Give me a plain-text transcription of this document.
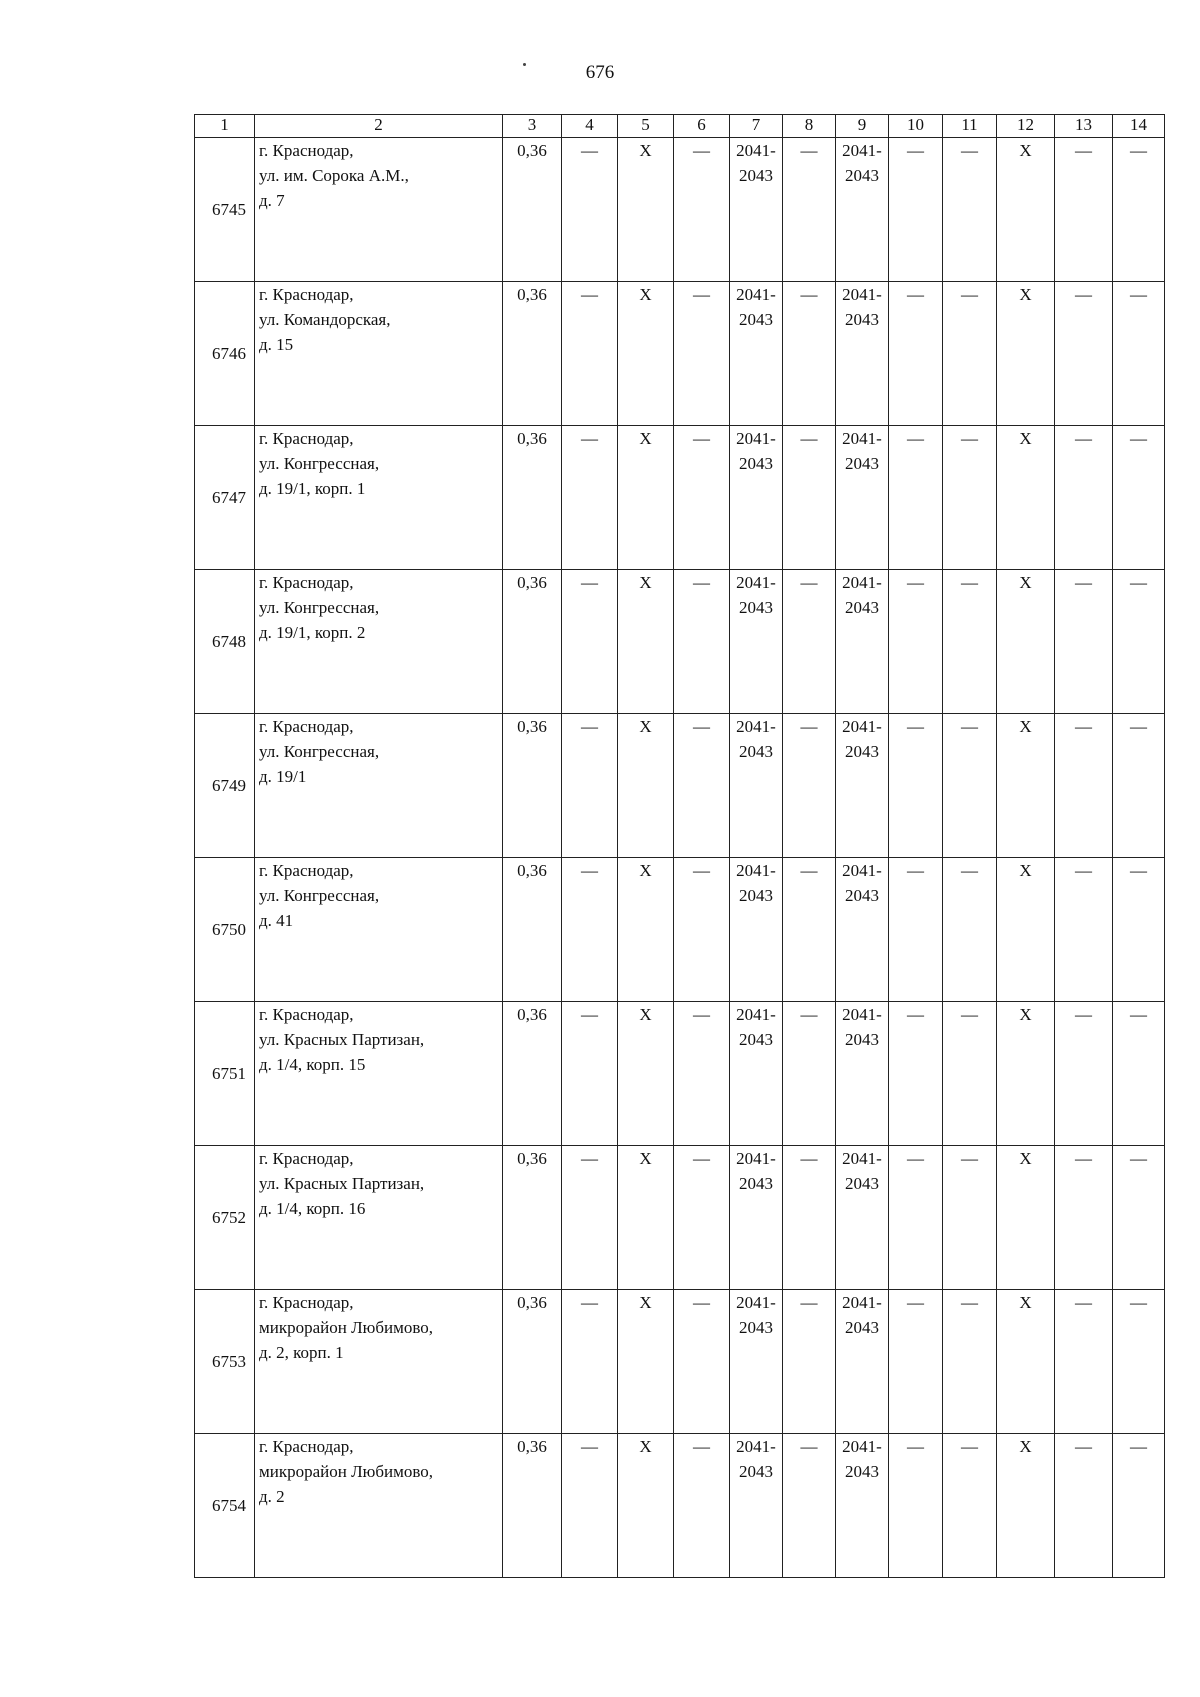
676
1	2	3	4	5	6	7	8	9	10	11	12	13	14
6745	г. Краснодар,
ул. им. Сорока А.М.,
д. 7	0,36	—	Х	—	2041-
2043	—	2041-
2043	—	—	Х	—	—
6746	г. Краснодар,
ул. Командорская,
д. 15	0,36	—	Х	—	2041-
2043	—	2041-
2043	—	—	Х	—	—
6747	г. Краснодар,
ул. Конгрессная,
д. 19/1, корп. 1	0,36	—	Х	—	2041-
2043	—	2041-
2043	—	—	Х	—	—
6748	г. Краснодар,
ул. Конгрессная,
д. 19/1, корп. 2	0,36	—	Х	—	2041-
2043	—	2041-
2043	—	—	Х	—	—
6749	г. Краснодар,
ул. Конгрессная,
д. 19/1	0,36	—	Х	—	2041-
2043	—	2041-
2043	—	—	Х	—	—
6750	г. Краснодар,
ул. Конгрессная,
д. 41	0,36	—	Х	—	2041-
2043	—	2041-
2043	—	—	Х	—	—
6751	г. Краснодар,
ул. Красных Партизан,
д. 1/4, корп. 15	0,36	—	Х	—	2041-
2043	—	2041-
2043	—	—	Х	—	—
6752	г. Краснодар,
ул. Красных Партизан,
д. 1/4, корп. 16	0,36	—	Х	—	2041-
2043	—	2041-
2043	—	—	Х	—	—
6753	г. Краснодар,
микрорайон Любимово,
д. 2, корп. 1	0,36	—	Х	—	2041-
2043	—	2041-
2043	—	—	Х	—	—
6754	г. Краснодар,
микрорайон Любимово,
д. 2	0,36	—	Х	—	2041-
2043	—	2041-
2043	—	—	Х	—	—
